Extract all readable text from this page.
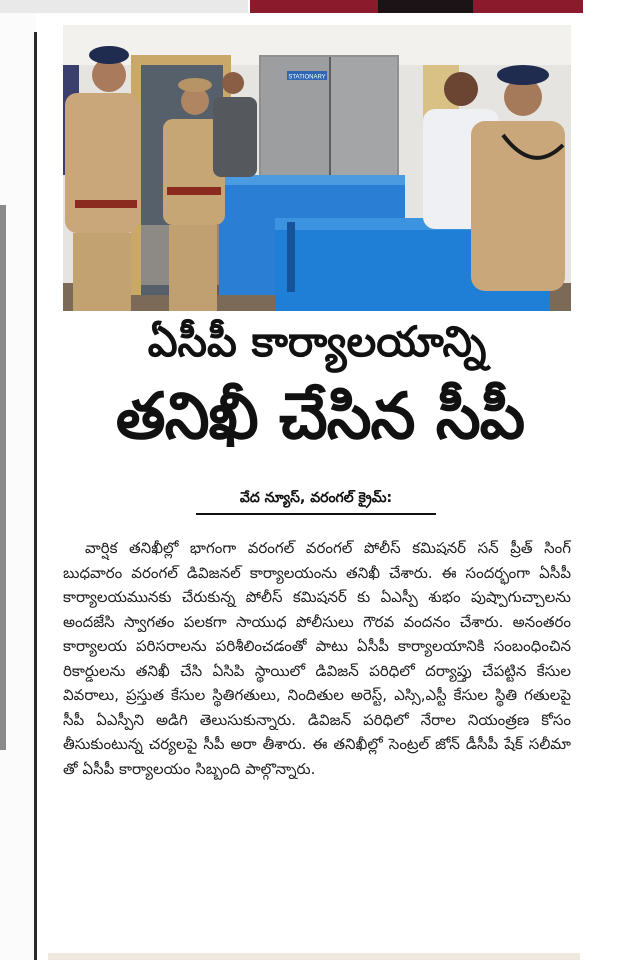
STATIONARY
ఏసీపీ కార్యాలయాన్ని
తనిఖీ చేసిన సీపీ
వేద న్యూస్, వరంగల్ క్రైమ్:

వార్షిక తనిఖీల్లో భాగంగా వరంగల్ వరంగల్ పోలీస్ కమిషనర్ సన్ ప్రీత్ సింగ్ బుధవారం వరంగల్ డివిజనల్ కార్యాలయంను తనిఖీ చేశారు. ఈ సందర్భంగా ఏసీపీ కార్యాలయమునకు చేరుకున్న పోలీస్ కమిషనర్ కు ఏఎస్పీ శుభం పుష్పాగుచ్చాలను అందజేసి స్వాగతం పలకగా సాయుధ పోలీసులు గౌరవ వందనం చేశారు. అనంతరం కార్యాలయ పరిసరాలను పరిశీలించడంతో పాటు ఏసీపీ కార్యాలయానికి సంబంధించిన రికార్డులను తనిఖీ చేసి ఏసిపి స్థాయిలో డివిజన్ పరిధిలో దర్యాప్తు చేపట్టిన కేసుల వివరాలు, ప్రస్తుత కేసుల స్థితిగతులు, నిందితుల అరెస్ట్, ఎస్సి,ఎస్టీ కేసుల స్థితి గతులపై సీపీ ఏఎస్పీని అడిగి తెలుసుకున్నారు. డివిజన్ పరిధిలో నేరాల నియంత్రణ కోసం తీసుకుంటున్న చర్యలపై సీపీ అరా తీశారు. ఈ తనిఖీల్లో సెంట్రల్ జోన్ డీసీపీ షేక్ సలీమా తో ఏసీపీ కార్యాలయం సిబ్బంది పాల్గొన్నారు.
